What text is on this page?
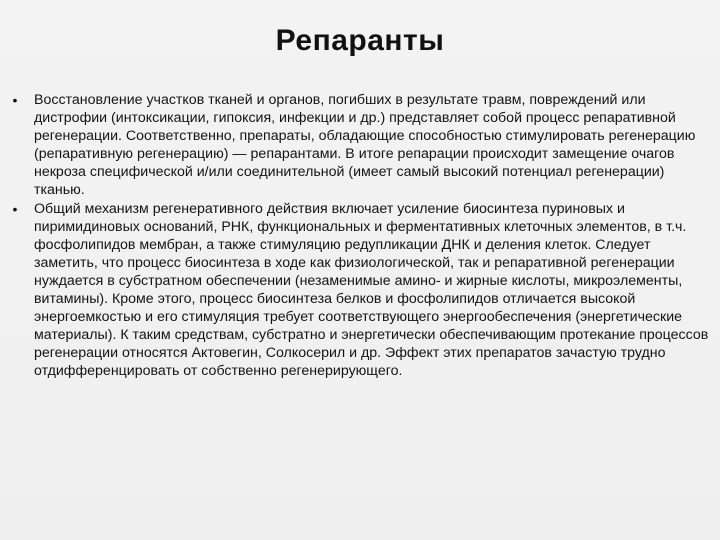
Репаранты
•	Восстановление участков тканей и органов, погибших в результате травм, повреждений или дистрофии (интоксикации, гипоксия, инфекции и др.) представляет собой процесс репаративной регенерации. Соответственно, препараты, обладающие способностью стимулировать регенерацию (репаративную регенерацию) — репарантами. В итоге репарации происходит замещение очагов некроза специфической и/или соединительной (имеет самый высокий потенциал регенерации) тканью.
•	Общий механизм регенеративного действия включает усиление биосинтеза пуриновых и пиримидиновых оснований, РНК, функциональных и ферментативных клеточных элементов, в т.ч. фосфолипидов мембран, а также стимуляцию редупликации ДНК и деления клеток. Следует заметить, что процесс биосинтеза в ходе как физиологической, так и репаративной регенерации нуждается в субстратном обеспечении (незаменимые амино- и жирные кислоты, микроэлементы, витамины). Кроме этого, процесс биосинтеза белков и фосфолипидов отличается высокой энергоемкостью и его стимуляция требует соответствующего энергообеспечения (энергетические материалы). К таким средствам, субстратно и энергетически обеспечивающим протекание процессов регенерации относятся Актовегин, Солкосерил и др. Эффект этих препаратов зачастую трудно отдифференцировать от собственно регенерирующего.
